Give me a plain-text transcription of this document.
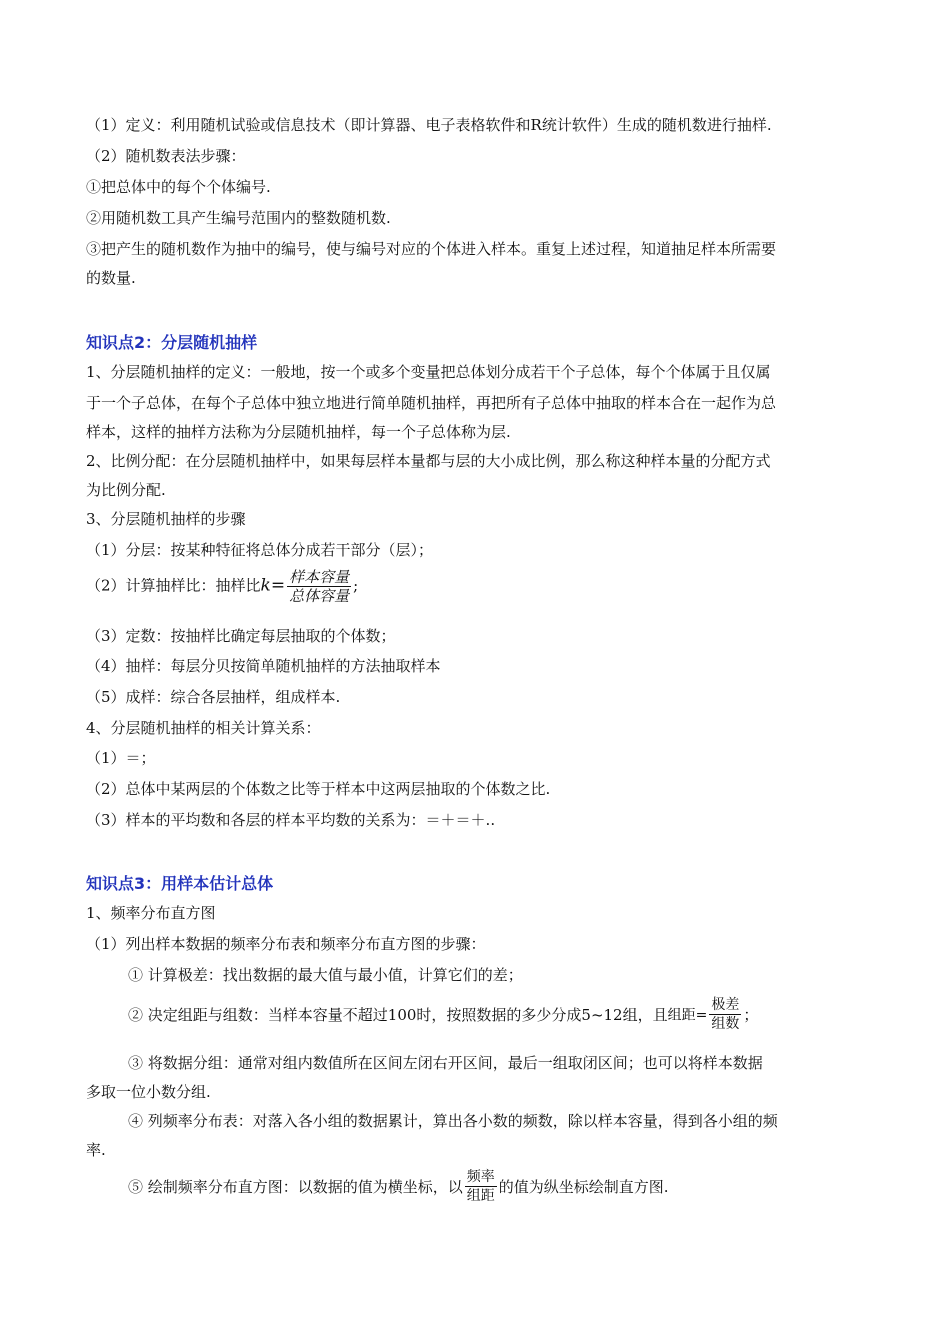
（1）定义：利用随机试验或信息技术（即计算器、电子表格软件和R统计软件）生成的随机数进行抽样.
（2）随机数表法步骤：
①把总体中的每个个体编号.
②用随机数工具产生编号范围内的整数随机数.
③把产生的随机数作为抽中的编号，使与编号对应的个体进入样本。重复上述过程，知道抽足样本所需要
的数量.
知识点2：分层随机抽样
1、分层随机抽样的定义：一般地，按一个或多个变量把总体划分成若干个子总体，每个个体属于且仅属
于一个子总体，在每个子总体中独立地进行简单随机抽样，再把所有子总体中抽取的样本合在一起作为总
样本，这样的抽样方法称为分层随机抽样，每一个子总体称为层.
2、比例分配：在分层随机抽样中，如果每层样本量都与层的大小成比例，那么称这种样本量的分配方式
为比例分配.
3、分层随机抽样的步骤
（1）分层：按某种特征将总体分成若干部分（层）；
（2）计算抽样比：抽样比$k= \frac{\text{样本容量}}{\text{总体容量}}$ ;
（3）定数：按抽样比确定每层抽取的个体数；
（4）抽样：每层分贝按简单随机抽样的方法抽取样本
（5）成样：综合各层抽样，组成样本.
4、分层随机抽样的相关计算关系：
（1）＝；
（2）总体中某两层的个体数之比等于样本中这两层抽取的个体数之比.
（3）样本的平均数和各层的样本平均数的关系为：＝＋＝＋..
知识点3：用样本估计总体
1、频率分布直方图
（1）列出样本数据的频率分布表和频率分布直方图的步骤：
① 计算极差：找出数据的最大值与最小值，计算它们的差；
② 决定组距与组数：当样本容量不超过100时，按照数据的多少分成5~12组，且组距= $\frac{\text{极差}}{\text{组数}}$ ；
③ 将数据分组：通常对组内数值所在区间左闭右开区间，最后一组取闭区间；也可以将样本数据
多取一位小数分组.
④ 列频率分布表：对落入各小组的数据累计，算出各小数的频数，除以样本容量，得到各小组的频
率.
⑤ 绘制频率分布直方图：以数据的值为横坐标，以 $\frac{\text{频率}}{\text{组距}}$ 的值为纵坐标绘制直方图.
